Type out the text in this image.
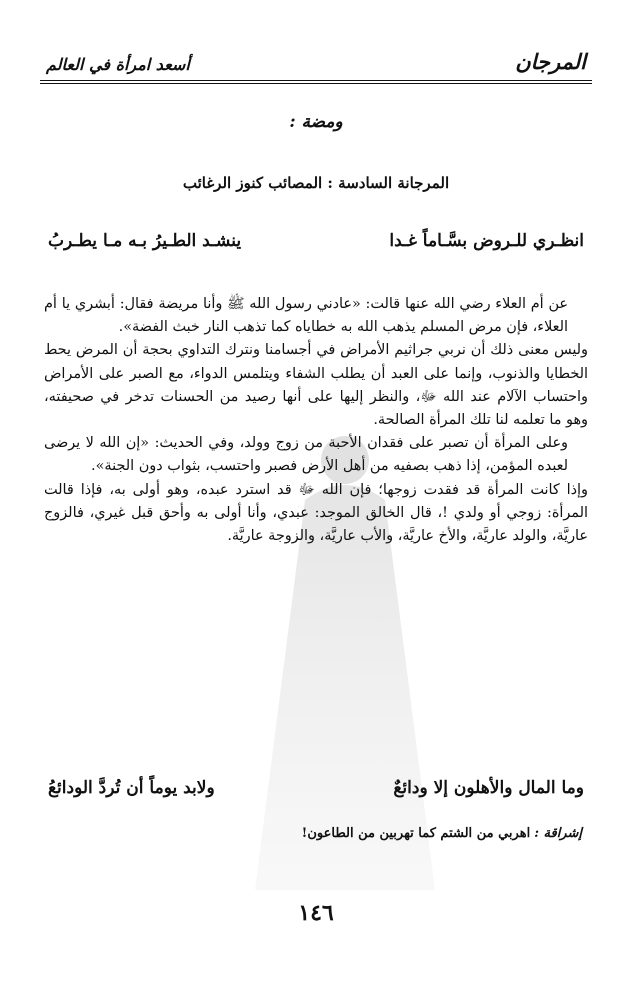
المرجان
أسعد امرأة في العالم
ومضة :
المرجانة السادسة : المصائب كنوز الرغائب
انظـري للـروض بسَّـاماً غـدا
ينشـد الطـيرُ بـه مـا يطـربُ

عن أم العلاء رضي الله عنها قالت: «عادني رسول الله ﷺ وأنا مريضة فقال: أبشري يا أم العلاء، فإن مرض المسلم يذهب الله به خطاياه كما تذهب النار خبث الفضة».

وليس معنى ذلك أن نربي جراثيم الأمراض في أجسامنا ونترك التداوي بحجة أن المرض يحط الخطايا والذنوب، وإنما على العبد أن يطلب الشفاء ويتلمس الدواء، مع الصبر على الأمراض واحتساب الآلام عند الله ﷻ، والنظر إليها على أنها رصيد من الحسنات تدخر في صحيفته، وهو ما تعلمه لنا تلك المرأة الصالحة.

وعلى المرأة أن تصبر على فقدان الأحبة من زوج وولد، وفي الحديث: «إن الله لا يرضى لعبده المؤمن، إذا ذهب بصفيه من أهل الأرض فصبر واحتسب، بثواب دون الجنة».

وإذا كانت المرأة قد فقدت زوجها؛ فإن الله ﷻ قد استرد عبده، وهو أولى به، فإذا قالت المرأة: زوجي أو ولدي !، قال الخالق الموجد: عبدي، وأنا أولى به وأحق قبل غيري، فالزوج عاريَّة، والولد عاريَّة، والأخ عاريَّة، والأب عاريَّة، والزوجة عاريَّة.

وما المال والأهلون إلا ودائعٌ
ولابد يوماً أن تُردَّ الودائعُ
إشراقة :
اهربي من الشتم كما تهربين من الطاعون!
١٤٦
